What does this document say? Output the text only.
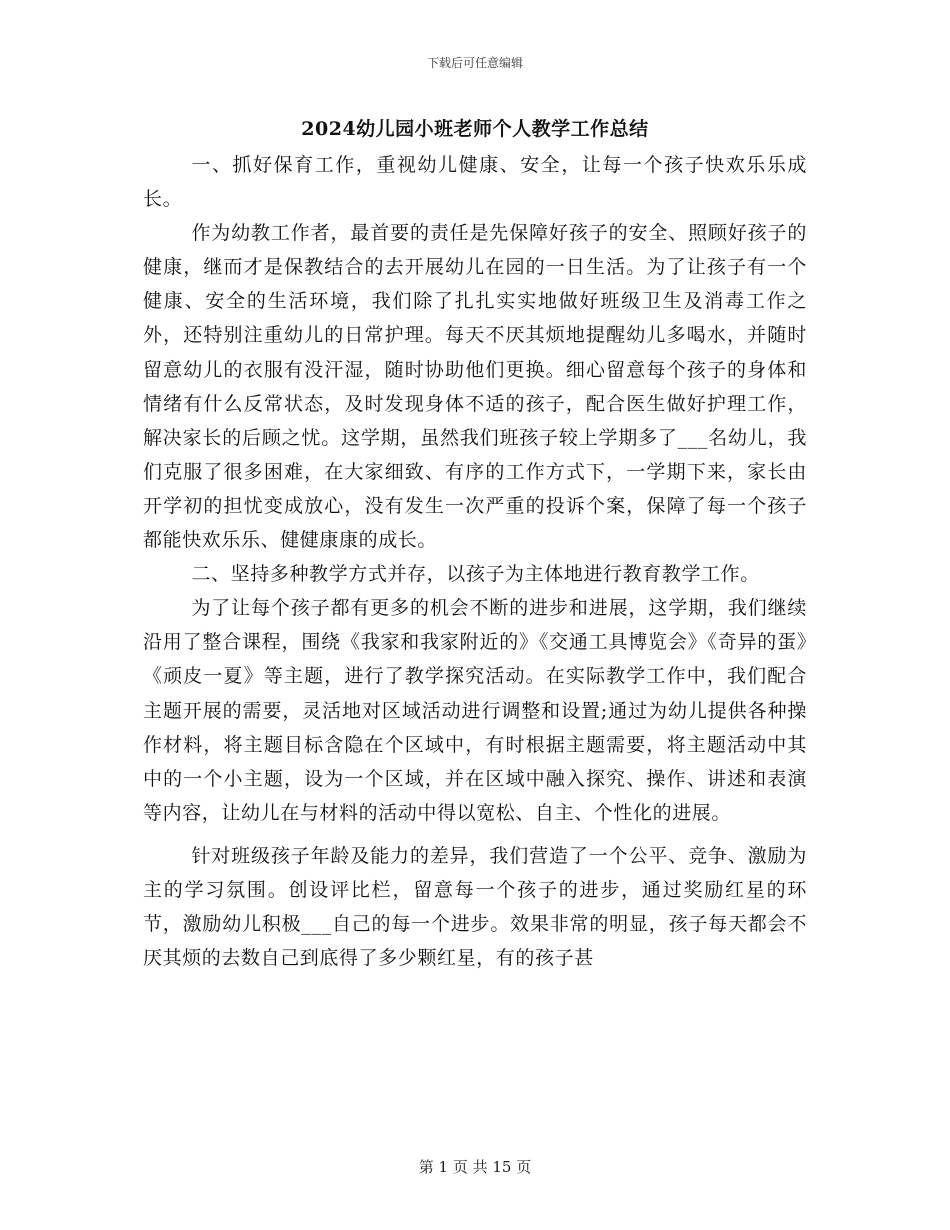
下载后可任意编辑
2024幼儿园小班老师个人教学工作总结

一、抓好保育工作，重视幼儿健康、安全，让每一个孩子快欢乐乐成长。

作为幼教工作者，最首要的责任是先保障好孩子的安全、照顾好孩子的健康，继而才是保教结合的去开展幼儿在园的一日生活。为了让孩子有一个健康、安全的生活环境，我们除了扎扎实实地做好班级卫生及消毒工作之外，还特别注重幼儿的日常护理。每天不厌其烦地提醒幼儿多喝水，并随时留意幼儿的衣服有没汗湿，随时协助他们更换。细心留意每个孩子的身体和情绪有什么反常状态，及时发现身体不适的孩子，配合医生做好护理工作，解决家长的后顾之忧。这学期，虽然我们班孩子较上学期多了___名幼儿，我们克服了很多困难，在大家细致、有序的工作方式下，一学期下来，家长由开学初的担忧变成放心，没有发生一次严重的投诉个案，保障了每一个孩子都能快欢乐乐、健健康康的成长。

二、坚持多种教学方式并存，以孩子为主体地进行教育教学工作。

为了让每个孩子都有更多的机会不断的进步和进展，这学期，我们继续沿用了整合课程，围绕《我家和我家附近的》《交通工具博览会》《奇异的蛋》《顽皮一夏》等主题，进行了教学探究活动。在实际教学工作中，我们配合主题开展的需要，灵活地对区域活动进行调整和设置;通过为幼儿提供各种操作材料，将主题目标含隐在个区域中，有时根据主题需要，将主题活动中其中的一个小主题，设为一个区域，并在区域中融入探究、操作、讲述和表演等内容，让幼儿在与材料的活动中得以宽松、自主、个性化的进展。

针对班级孩子年龄及能力的差异，我们营造了一个公平、竞争、激励为主的学习氛围。创设评比栏，留意每一个孩子的进步，通过奖励红星的环节，激励幼儿积极___自己的每一个进步。效果非常的明显，孩子每天都会不厌其烦的去数自己到底得了多少颗红星，有的孩子甚

第 1 页 共 15 页
